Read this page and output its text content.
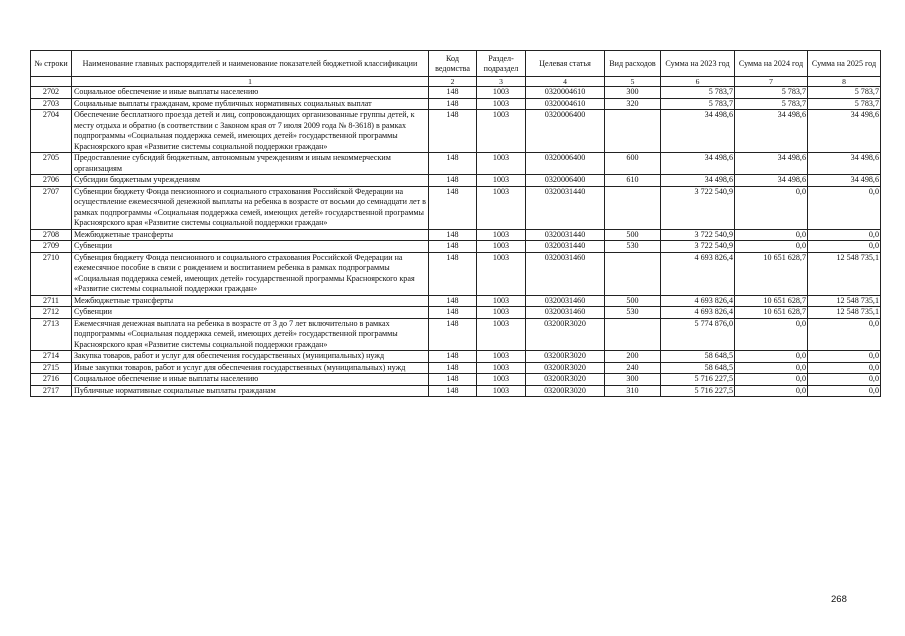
№ строки	Наименование главных распорядителей и наименование показателей бюджетной классификации	Код ведомства	Раздел-подраздел	Целевая статья	Вид расходов	Сумма на 2023 год	Сумма на 2024 год	Сумма на 2025 год
	1	2	3	4	5	6	7	8
2702	Социальное обеспечение и иные выплаты населению	148	1003	0320004610	300	5 783,7	5 783,7	5 783,7
2703	Социальные выплаты гражданам, кроме публичных нормативных социальных выплат	148	1003	0320004610	320	5 783,7	5 783,7	5 783,7
2704	Обеспечение бесплатного проезда детей и лиц, сопровождающих организованные группы детей, к месту отдыха и обратно (в соответствии с Законом края от 7 июля 2009 года № 8-3618) в рамках подпрограммы «Социальная поддержка семей, имеющих детей» государственной программы Красноярского края «Развитие системы социальной поддержки граждан»	148	1003	0320006400		34 498,6	34 498,6	34 498,6
2705	Предоставление субсидий бюджетным, автономным учреждениям и иным некоммерческим организациям	148	1003	0320006400	600	34 498,6	34 498,6	34 498,6
2706	Субсидии бюджетным учреждениям	148	1003	0320006400	610	34 498,6	34 498,6	34 498,6
2707	Субвенции бюджету Фонда пенсионного и социального страхования Российской Федерации на осуществление ежемесячной денежной выплаты на ребенка в возрасте от восьми до семнадцати лет в рамках подпрограммы «Социальная поддержка семей, имеющих детей» государственной программы Красноярского края «Развитие системы социальной поддержки граждан»	148	1003	0320031440		3 722 540,9	0,0	0,0
2708	Межбюджетные трансферты	148	1003	0320031440	500	3 722 540,9	0,0	0,0
2709	Субвенции	148	1003	0320031440	530	3 722 540,9	0,0	0,0
2710	Субвенция бюджету Фонда пенсионного и социального страхования Российской Федерации на ежемесячное пособие в связи с рождением и воспитанием ребенка в рамках подпрограммы «Социальная поддержка семей, имеющих детей» государственной программы Красноярского края «Развитие системы социальной поддержки граждан»	148	1003	0320031460		4 693 826,4	10 651 628,7	12 548 735,1
2711	Межбюджетные трансферты	148	1003	0320031460	500	4 693 826,4	10 651 628,7	12 548 735,1
2712	Субвенции	148	1003	0320031460	530	4 693 826,4	10 651 628,7	12 548 735,1
2713	Ежемесячная денежная выплата на ребенка в возрасте от 3 до 7 лет включительно в рамках подпрограммы «Социальная поддержка семей, имеющих детей» государственной программы Красноярского края «Развитие системы социальной поддержки граждан»	148	1003	03200R3020		5 774 876,0	0,0	0,0
2714	Закупка товаров, работ и услуг для обеспечения государственных (муниципальных) нужд	148	1003	03200R3020	200	58 648,5	0,0	0,0
2715	Иные закупки товаров, работ и услуг для обеспечения государственных (муниципальных) нужд	148	1003	03200R3020	240	58 648,5	0,0	0,0
2716	Социальное обеспечение и иные выплаты населению	148	1003	03200R3020	300	5 716 227,5	0,0	0,0
2717	Публичные нормативные социальные выплаты гражданам	148	1003	03200R3020	310	5 716 227,5	0,0	0,0
268
